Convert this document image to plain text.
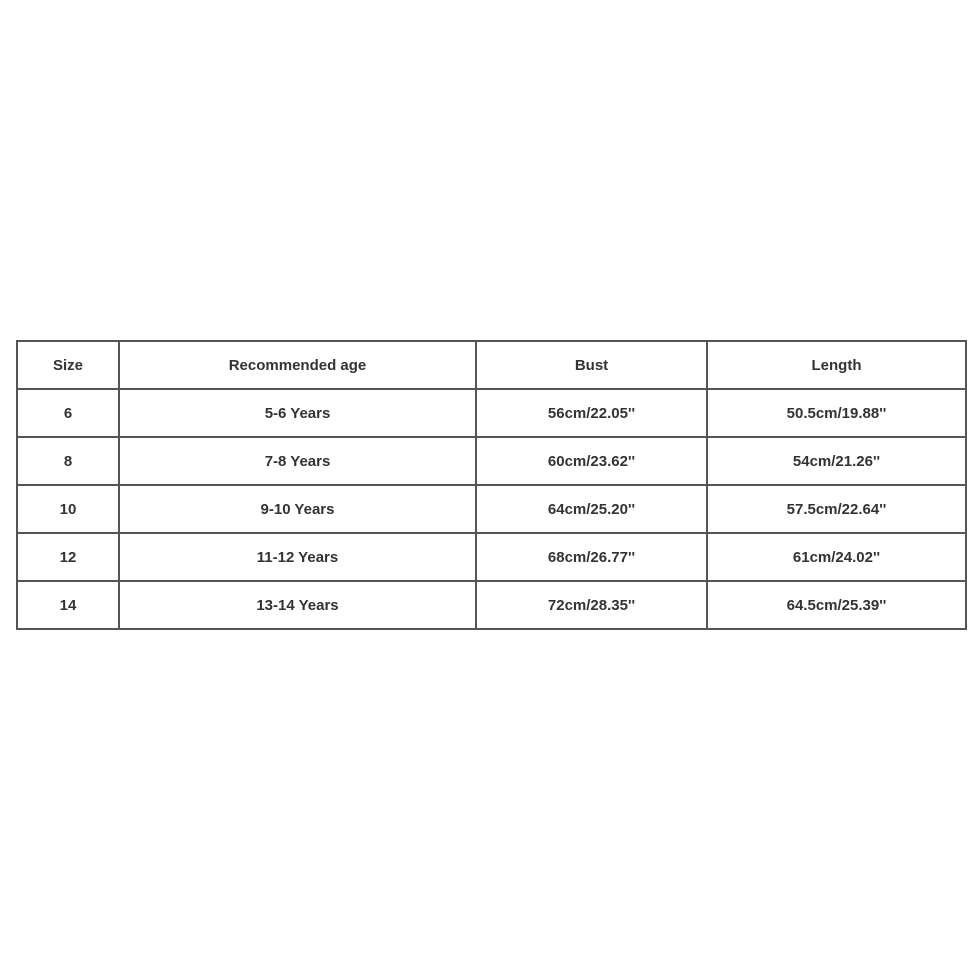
Size	Recommended age	Bust	Length
6	5-6 Years	56cm/22.05''	50.5cm/19.88''
8	7-8 Years	60cm/23.62''	54cm/21.26''
10	9-10 Years	64cm/25.20''	57.5cm/22.64''
12	11-12 Years	68cm/26.77''	61cm/24.02''
14	13-14 Years	72cm/28.35''	64.5cm/25.39''
